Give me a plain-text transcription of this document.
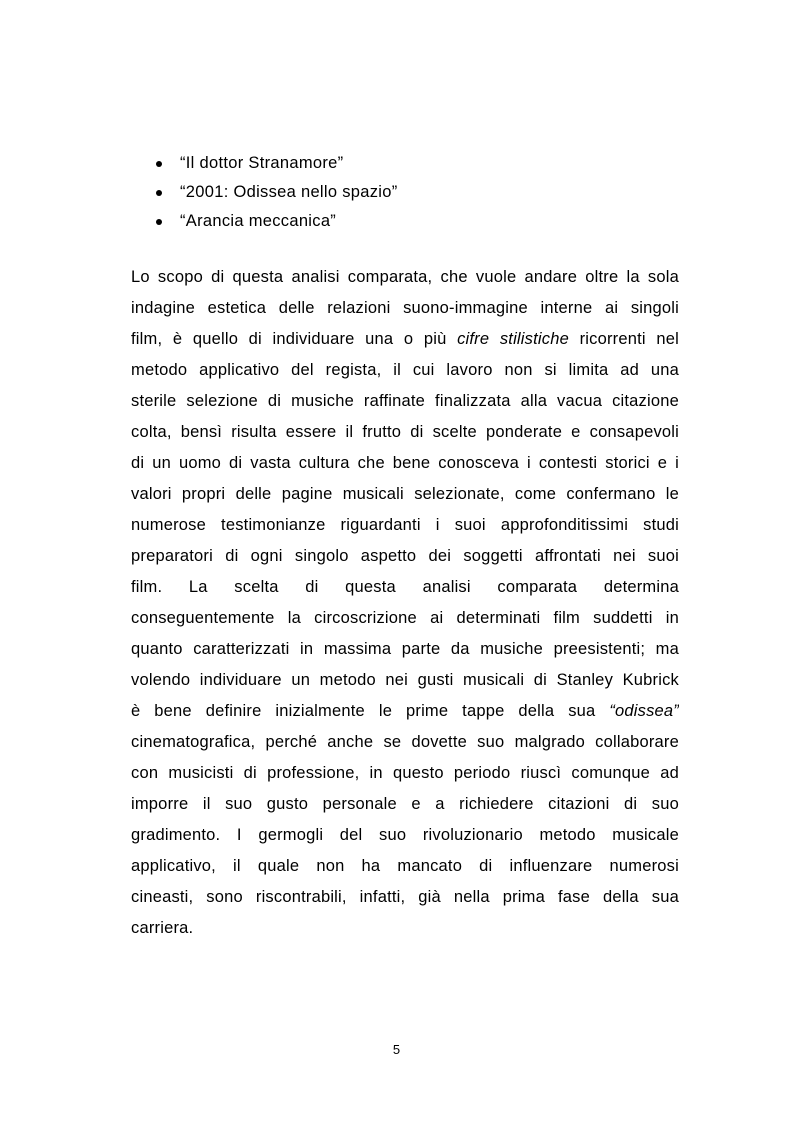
“Il dottor Stranamore”
“2001: Odissea nello spazio”
“Arancia meccanica”
Lo scopo di questa analisi comparata, che vuole andare oltre la sola
indagine estetica delle relazioni suono-immagine interne ai singoli
film, è quello di individuare una o più cifre stilistiche ricorrenti nel
metodo applicativo del regista, il cui lavoro non si limita ad una
sterile selezione di musiche raffinate finalizzata alla vacua citazione
colta, bensì risulta essere il frutto di scelte ponderate e consapevoli
di un uomo di vasta cultura che bene conosceva i contesti storici e i
valori propri delle pagine musicali selezionate, come confermano le
numerose testimonianze riguardanti i suoi approfonditissimi studi
preparatori di ogni singolo aspetto dei soggetti affrontati nei suoi
film. La scelta di questa analisi comparata determina
conseguentemente la circoscrizione ai determinati film suddetti in
quanto caratterizzati in massima parte da musiche preesistenti; ma
volendo individuare un metodo nei gusti musicali di Stanley Kubrick
è bene definire inizialmente le prime tappe della sua “odissea”
cinematografica, perché anche se dovette suo malgrado collaborare
con musicisti di professione, in questo periodo riuscì comunque ad
imporre il suo gusto personale e a richiedere citazioni di suo
gradimento. I germogli del suo rivoluzionario metodo musicale
applicativo, il quale non ha mancato di influenzare numerosi
cineasti, sono riscontrabili, infatti, già nella prima fase della sua
carriera.
5
